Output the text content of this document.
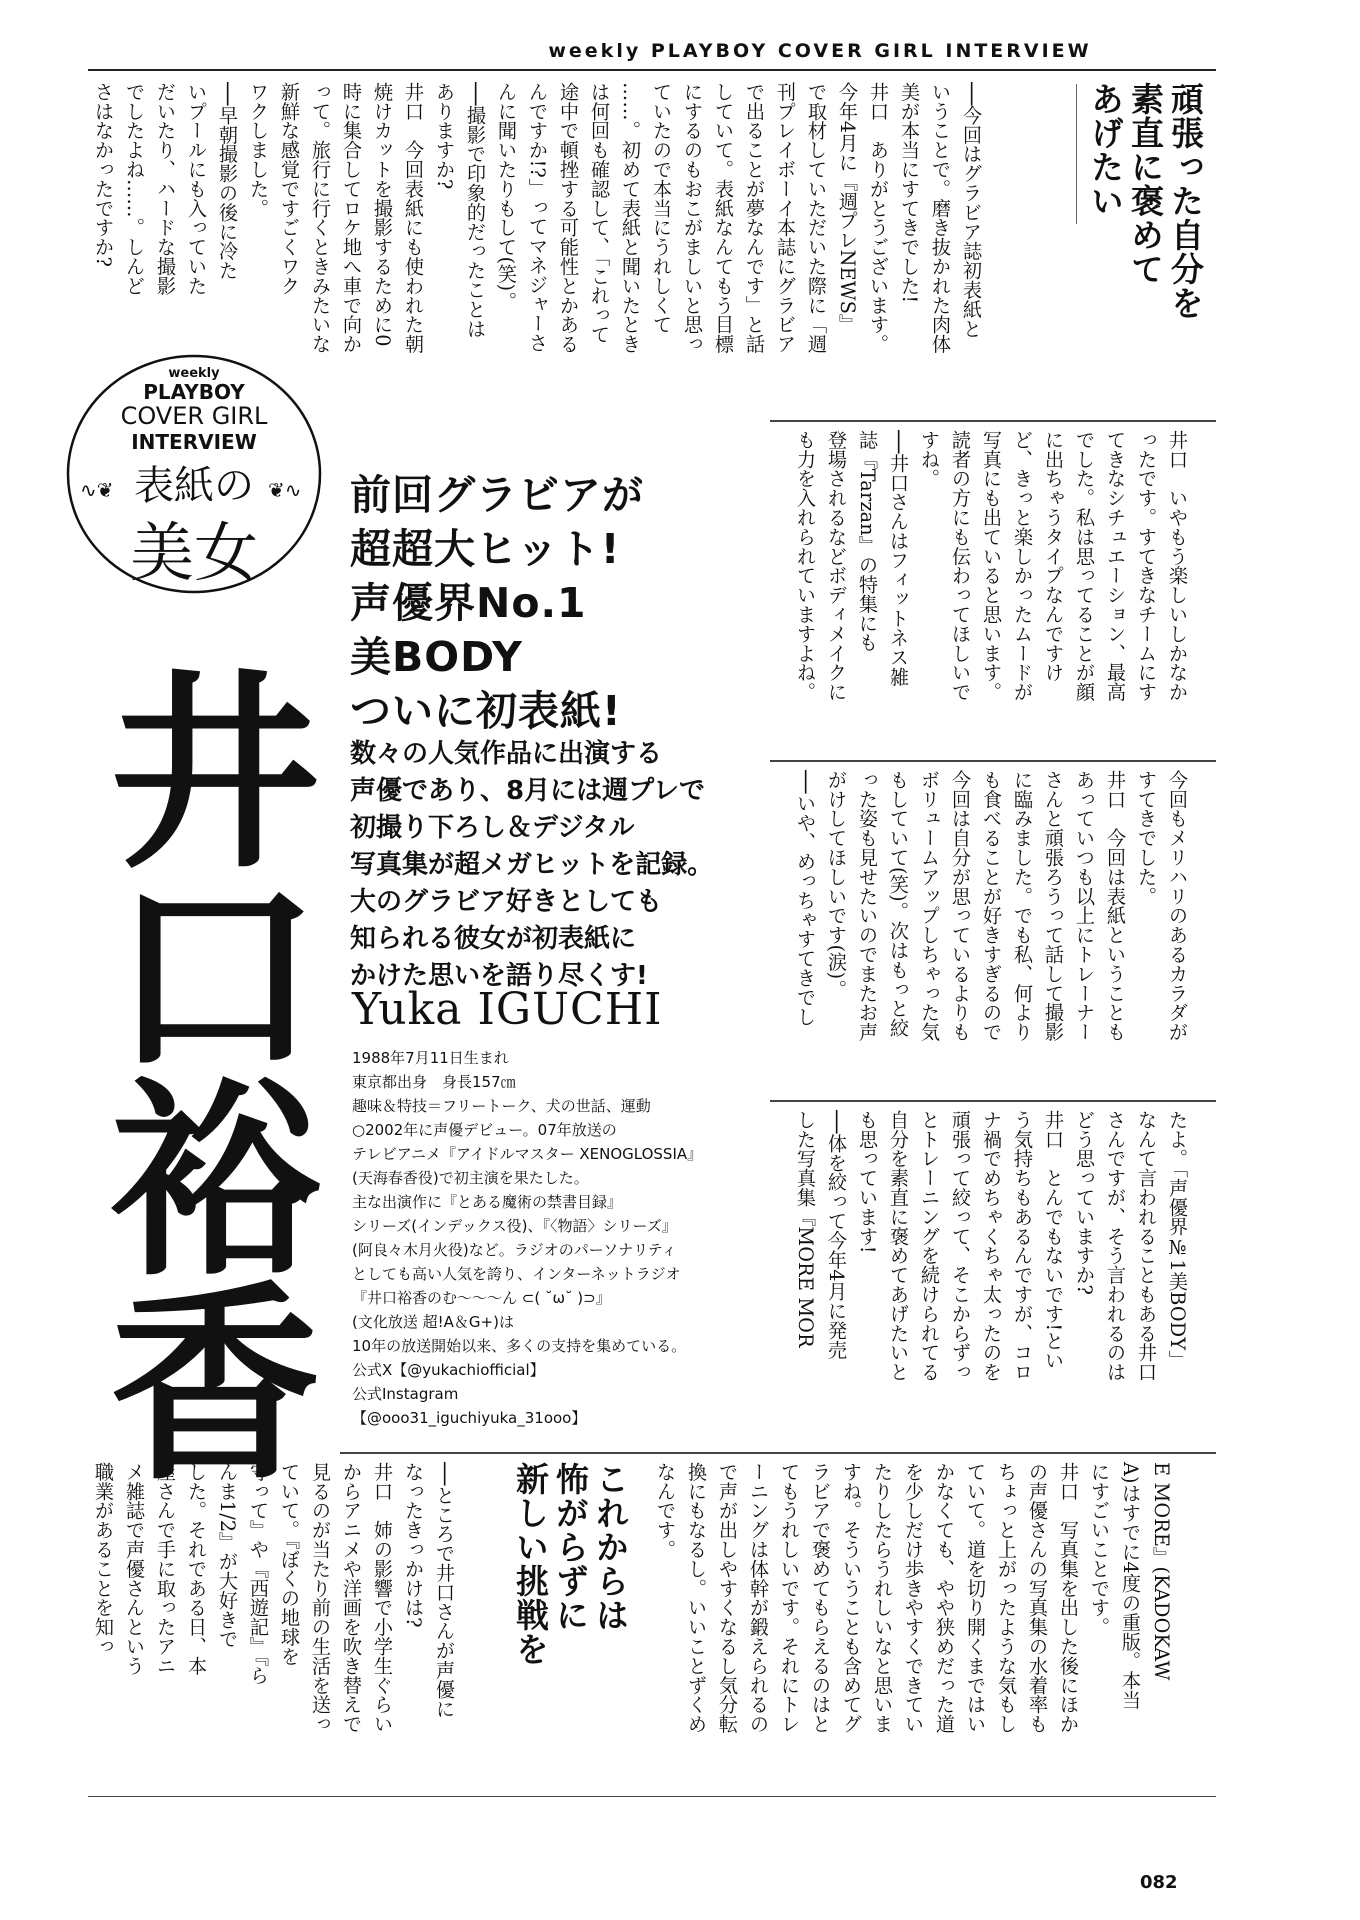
weekly PLAYBOY COVER GIRL INTERVIEW
──今回はグラビア誌初表紙と
いうことで。磨き抜かれた肉体
美が本当にすてきでした!
井口　ありがとうございます。
今年4月に『週プレNEWS』
で取材していただいた際に「週
刊プレイボーイ本誌にグラビア
で出ることが夢なんです」と話
していて。表紙なんてもう目標
にするのもおこがましいと思っ
ていたので本当にうれしくて
……。初めて表紙と聞いたとき
は何回も確認して、「これって
途中で頓挫する可能性とかある
んですか!?」ってマネジャーさ
んに聞いたりもして(笑)。
──撮影で印象的だったことは
ありますか?
井口　今回表紙にも使われた朝
焼けカットを撮影するために0
時に集合してロケ地へ車で向か
って。旅行に行くときみたいな
新鮮な感覚ですごくワク
ワクしました。
──早朝撮影の後に冷た
いプールにも入っていた
だいたり、ハードな撮影
でしたよね……。しんど
さはなかったですか?	頑張った自分を
素直に褒めて
あげたい
井口　いやもう楽しいしかなか
ったです。すてきなチームにす
てきなシチュエーション、最高
でした。私は思ってることが顔
に出ちゃうタイプなんですけ
ど、きっと楽しかったムードが
写真にも出ていると思います。
読者の方にも伝わってほしいで
すね。
──井口さんはフィットネス雑
誌『Tarzan』の特集にも
登場されるなどボディメイクに
も力を入れられていますよね。
今回もメリハリのあるカラダが
すてきでした。
井口　今回は表紙ということも
あっていつも以上にトレーナー
さんと頑張ろうって話して撮影
に臨みました。でも私、何より
も食べることが好きすぎるので
今回は自分が思っているよりも
ボリュームアップしちゃった気
もしていて(笑)。次はもっと絞
った姿も見せたいのでまたお声
がけしてほしいです(涙)。
──いや、めっちゃすてきでし
たよ。「声優界№1美BODY」
なんて言われることもある井口
さんですが、そう言われるのは
どう思っていますか?
井口　とんでもないです!とい
う気持ちもあるんですが、コロ
ナ禍でめちゃくちゃ太ったのを
頑張って絞って、そこからずっ
とトレーニングを続けられてる
自分を素直に褒めてあげたいと
も思っています!
──体を絞って今年4月に発売
した写真集『MORE MOR
E MORE』(KADOKAW
A)はすでに4度の重版。本当
にすごいことです。
井口　写真集を出した後にほか
の声優さんの写真集の水着率も
ちょっと上がったような気もし
ていて。道を切り開くまではい
かなくても、やや狭めだった道
を少しだけ歩きやすくできてい
たりしたらうれしいなと思いま
すね。そういうことも含めてグ
ラビアで褒めてもらえるのはと
てもうれしいです。それにトレ
ーニングは体幹が鍛えられるの
で声が出しやすくなるし気分転
換にもなるし。いいことずくめ
なんです。
これからは
怖がらずに
新しい挑戦を
──ところで井口さんが声優に
なったきっかけは?
井口　姉の影響で小学生ぐらい
からアニメや洋画を吹き替えで
見るのが当たり前の生活を送っ
ていて。『ぼくの地球を
守って』や『西遊記』『ら
んま1/2』が大好きで
した。それである日、本
屋さんで手に取ったアニ
メ雑誌で声優さんという
職業があることを知っ
weekly
PLAYBOY
COVER GIRL
INTERVIEW
表紙の
美女
∿❦	❦∿
井口裕香
前回グラビアが
超超大ヒット!
声優界No.1
美BODY
ついに初表紙!
数々の人気作品に出演する
声優であり、8月には週プレで
初撮り下ろし＆デジタル
写真集が超メガヒットを記録。
大のグラビア好きとしても
知られる彼女が初表紙に
かけた思いを語り尽くす!
Yuka IGUCHI
1988年7月11日生まれ
東京都出身　身長157㎝
趣味＆特技＝フリートーク、犬の世話、運動
○2002年に声優デビュー。07年放送の
テレビアニメ『アイドルマスター XENOGLOSSIA』
(天海春香役)で初主演を果たした。
主な出演作に『とある魔術の禁書目録』
シリーズ(インデックス役)、『〈物語〉シリーズ』
(阿良々木月火役)など。ラジオのパーソナリティ
としても高い人気を誇り、インターネットラジオ
『井口裕香のむ～～～ん ⊂( ˘ω˘ )⊃』
(文化放送 超!A＆G+)は
10年の放送開始以来、多くの支持を集めている。
公式X【@yukachiofficial】
公式Instagram
【@ooo31_iguchiyuka_31ooo】
082
